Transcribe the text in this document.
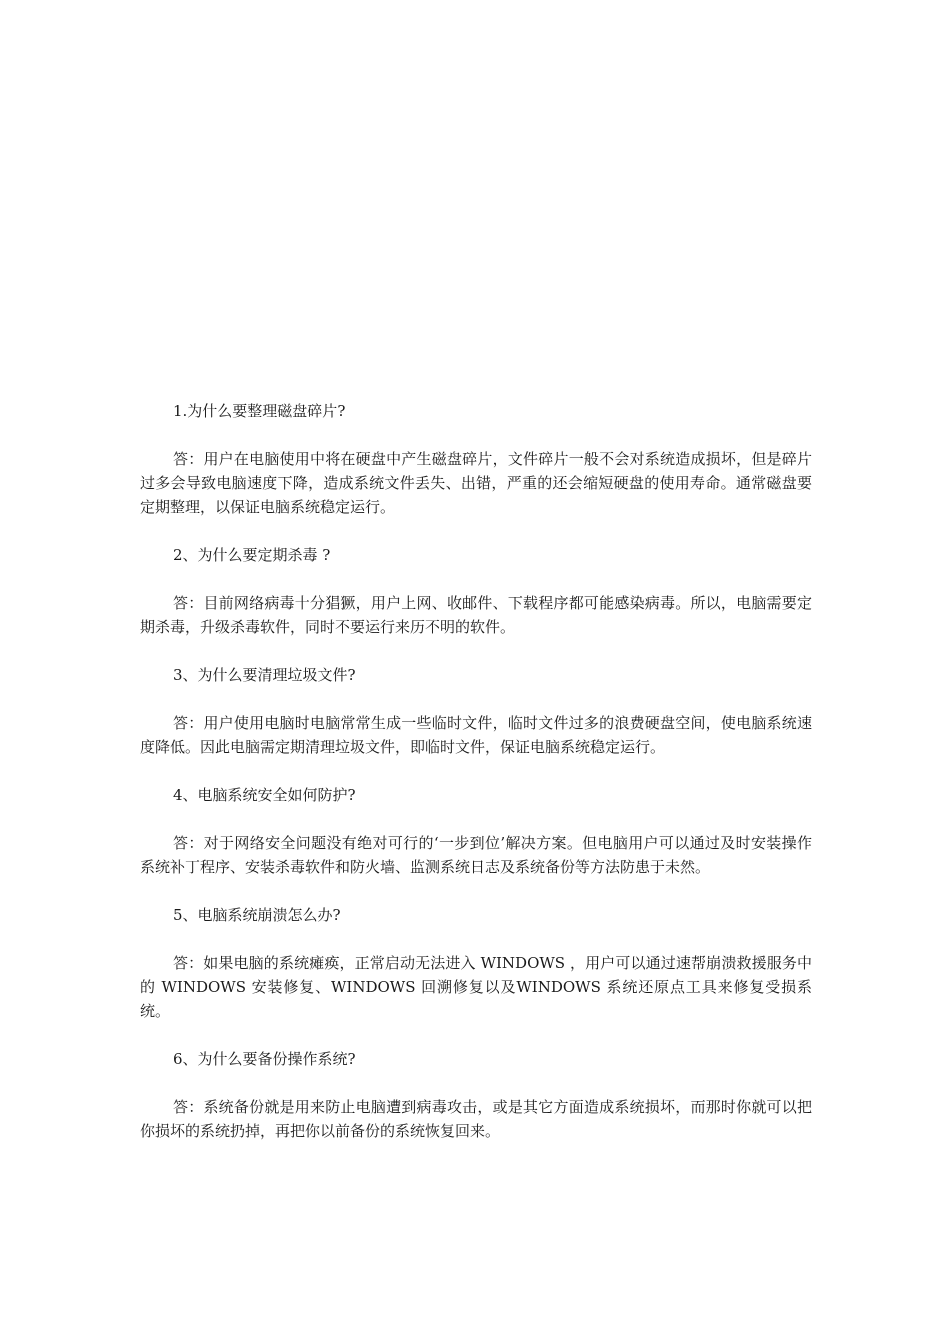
1.为什么要整理磁盘碎片?

答：用户在电脑使用中将在硬盘中产生磁盘碎片，文件碎片一般不会对系统造成损坏，但是碎片过多会导致电脑速度下降，造成系统文件丢失、出错，严重的还会缩短硬盘的使用寿命。通常磁盘要定期整理，以保证电脑系统稳定运行。

2、为什么要定期杀毒 ?

答：目前网络病毒十分猖獗，用户上网、收邮件、下载程序都可能感染病毒。所以，电脑需要定期杀毒，升级杀毒软件，同时不要运行来历不明的软件。

3、为什么要清理垃圾文件?

答：用户使用电脑时电脑常常生成一些临时文件，临时文件过多的浪费硬盘空间，使电脑系统速度降低。因此电脑需定期清理垃圾文件，即临时文件，保证电脑系统稳定运行。

4、电脑系统安全如何防护?

答：对于网络安全问题没有绝对可行的‘一步到位’解决方案。但电脑用户可以通过及时安装操作系统补丁程序、安装杀毒软件和防火墙、监测系统日志及系统备份等方法防患于未然。

5、电脑系统崩溃怎么办?

答：如果电脑的系统瘫痪，正常启动无法进入 WINDOWS ，用户可以通过速帮崩溃救援服务中的 WINDOWS 安装修复、WINDOWS 回溯修复以及WINDOWS 系统还原点工具来修复受损系统。

6、为什么要备份操作系统?

答：系统备份就是用来防止电脑遭到病毒攻击，或是其它方面造成系统损坏，而那时你就可以把你损坏的系统扔掉，再把你以前备份的系统恢复回来。
